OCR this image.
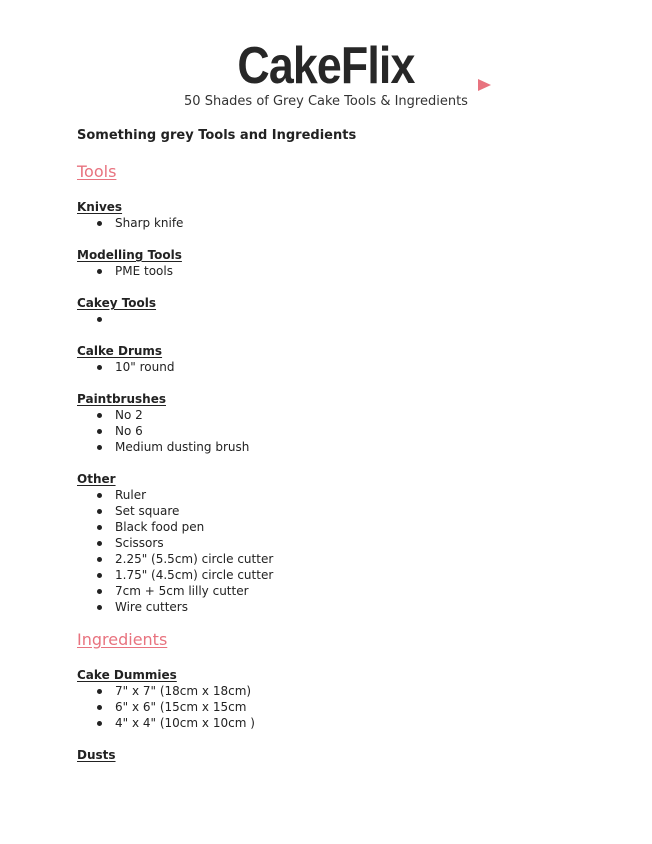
CakeFlix
50 Shades of Grey Cake Tools & Ingredients
Something grey Tools and Ingredients
Tools
Knives
Sharp knife
Modelling Tools
PME tools
Cakey Tools
Calke Drums
10" round
Paintbrushes
No 2
No 6
Medium dusting brush
Other
Ruler
Set square
Black food pen
Scissors
2.25" (5.5cm) circle cutter
1.75" (4.5cm) circle cutter
7cm + 5cm lilly cutter
Wire cutters
Ingredients
Cake Dummies
7" x 7" (18cm x 18cm)
6" x 6" (15cm x 15cm
4" x 4" (10cm x 10cm )
Dusts
